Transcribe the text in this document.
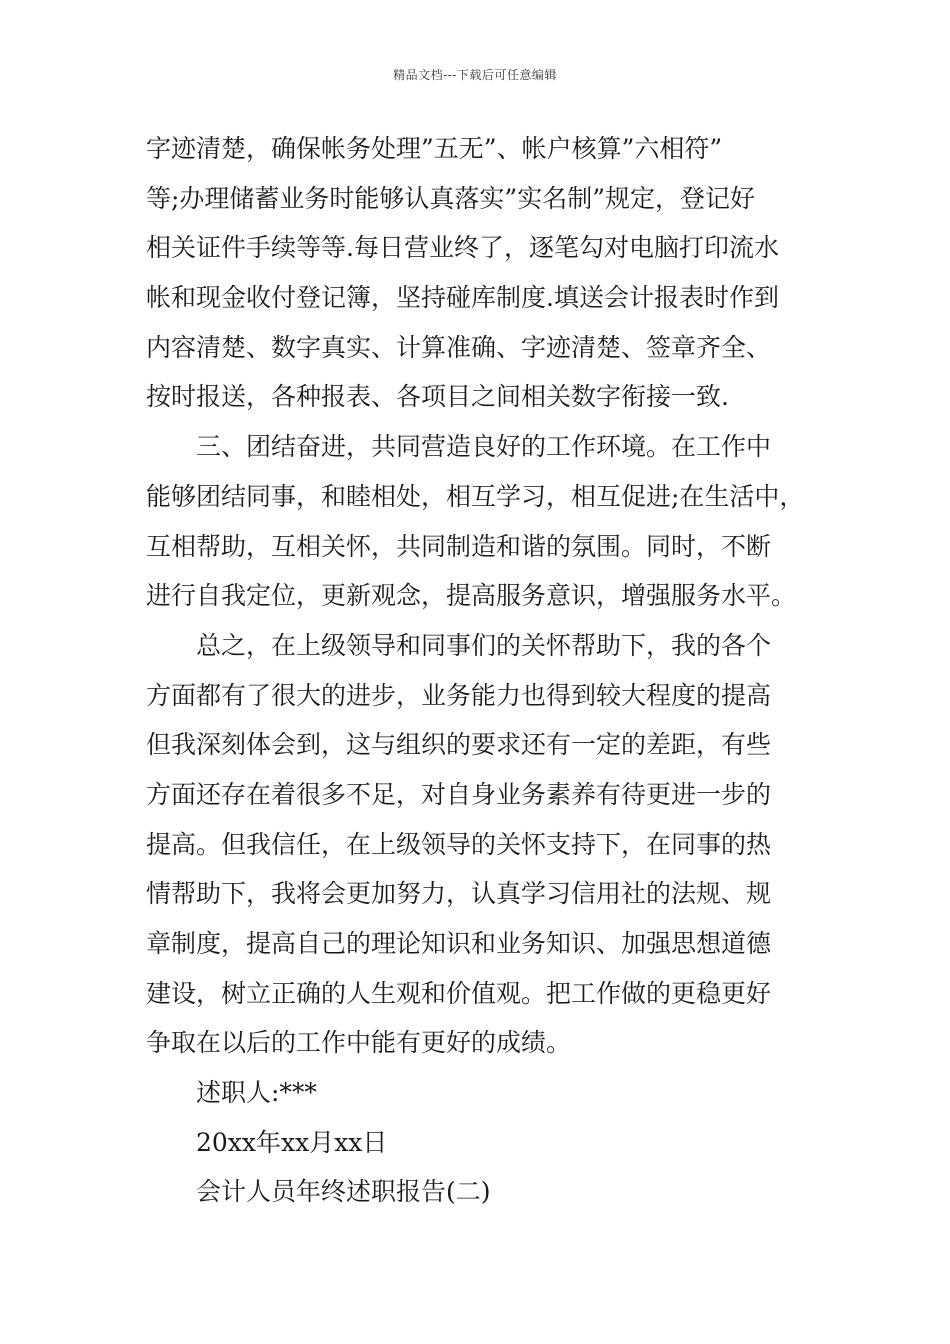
精品文档---下载后可任意编辑
字迹清楚，确保帐务处理”五无”、帐户核算”六相符”
等;办理储蓄业务时能够认真落实”实名制”规定，登记好
相关证件手续等等.每日营业终了，逐笔勾对电脑打印流水
帐和现金收付登记簿，坚持碰库制度.填送会计报表时作到
内容清楚、数字真实、计算准确、字迹清楚、签章齐全、
按时报送，各种报表、各项目之间相关数字衔接一致.
三、团结奋进，共同营造良好的工作环境。在工作中
能够团结同事，和睦相处，相互学习，相互促进;在生活中，
互相帮助，互相关怀，共同制造和谐的氛围。同时，不断
进行自我定位，更新观念，提高服务意识，增强服务水平。
总之，在上级领导和同事们的关怀帮助下，我的各个
方面都有了很大的进步，业务能力也得到较大程度的提高
但我深刻体会到，这与组织的要求还有一定的差距，有些
方面还存在着很多不足，对自身业务素养有待更进一步的
提高。但我信任，在上级领导的关怀支持下，在同事的热
情帮助下，我将会更加努力，认真学习信用社的法规、规
章制度，提高自己的理论知识和业务知识、加强思想道德
建设，树立正确的人生观和价值观。把工作做的更稳更好
争取在以后的工作中能有更好的成绩。
述职人:***
20xx年xx月xx日
会计人员年终述职报告(二)
